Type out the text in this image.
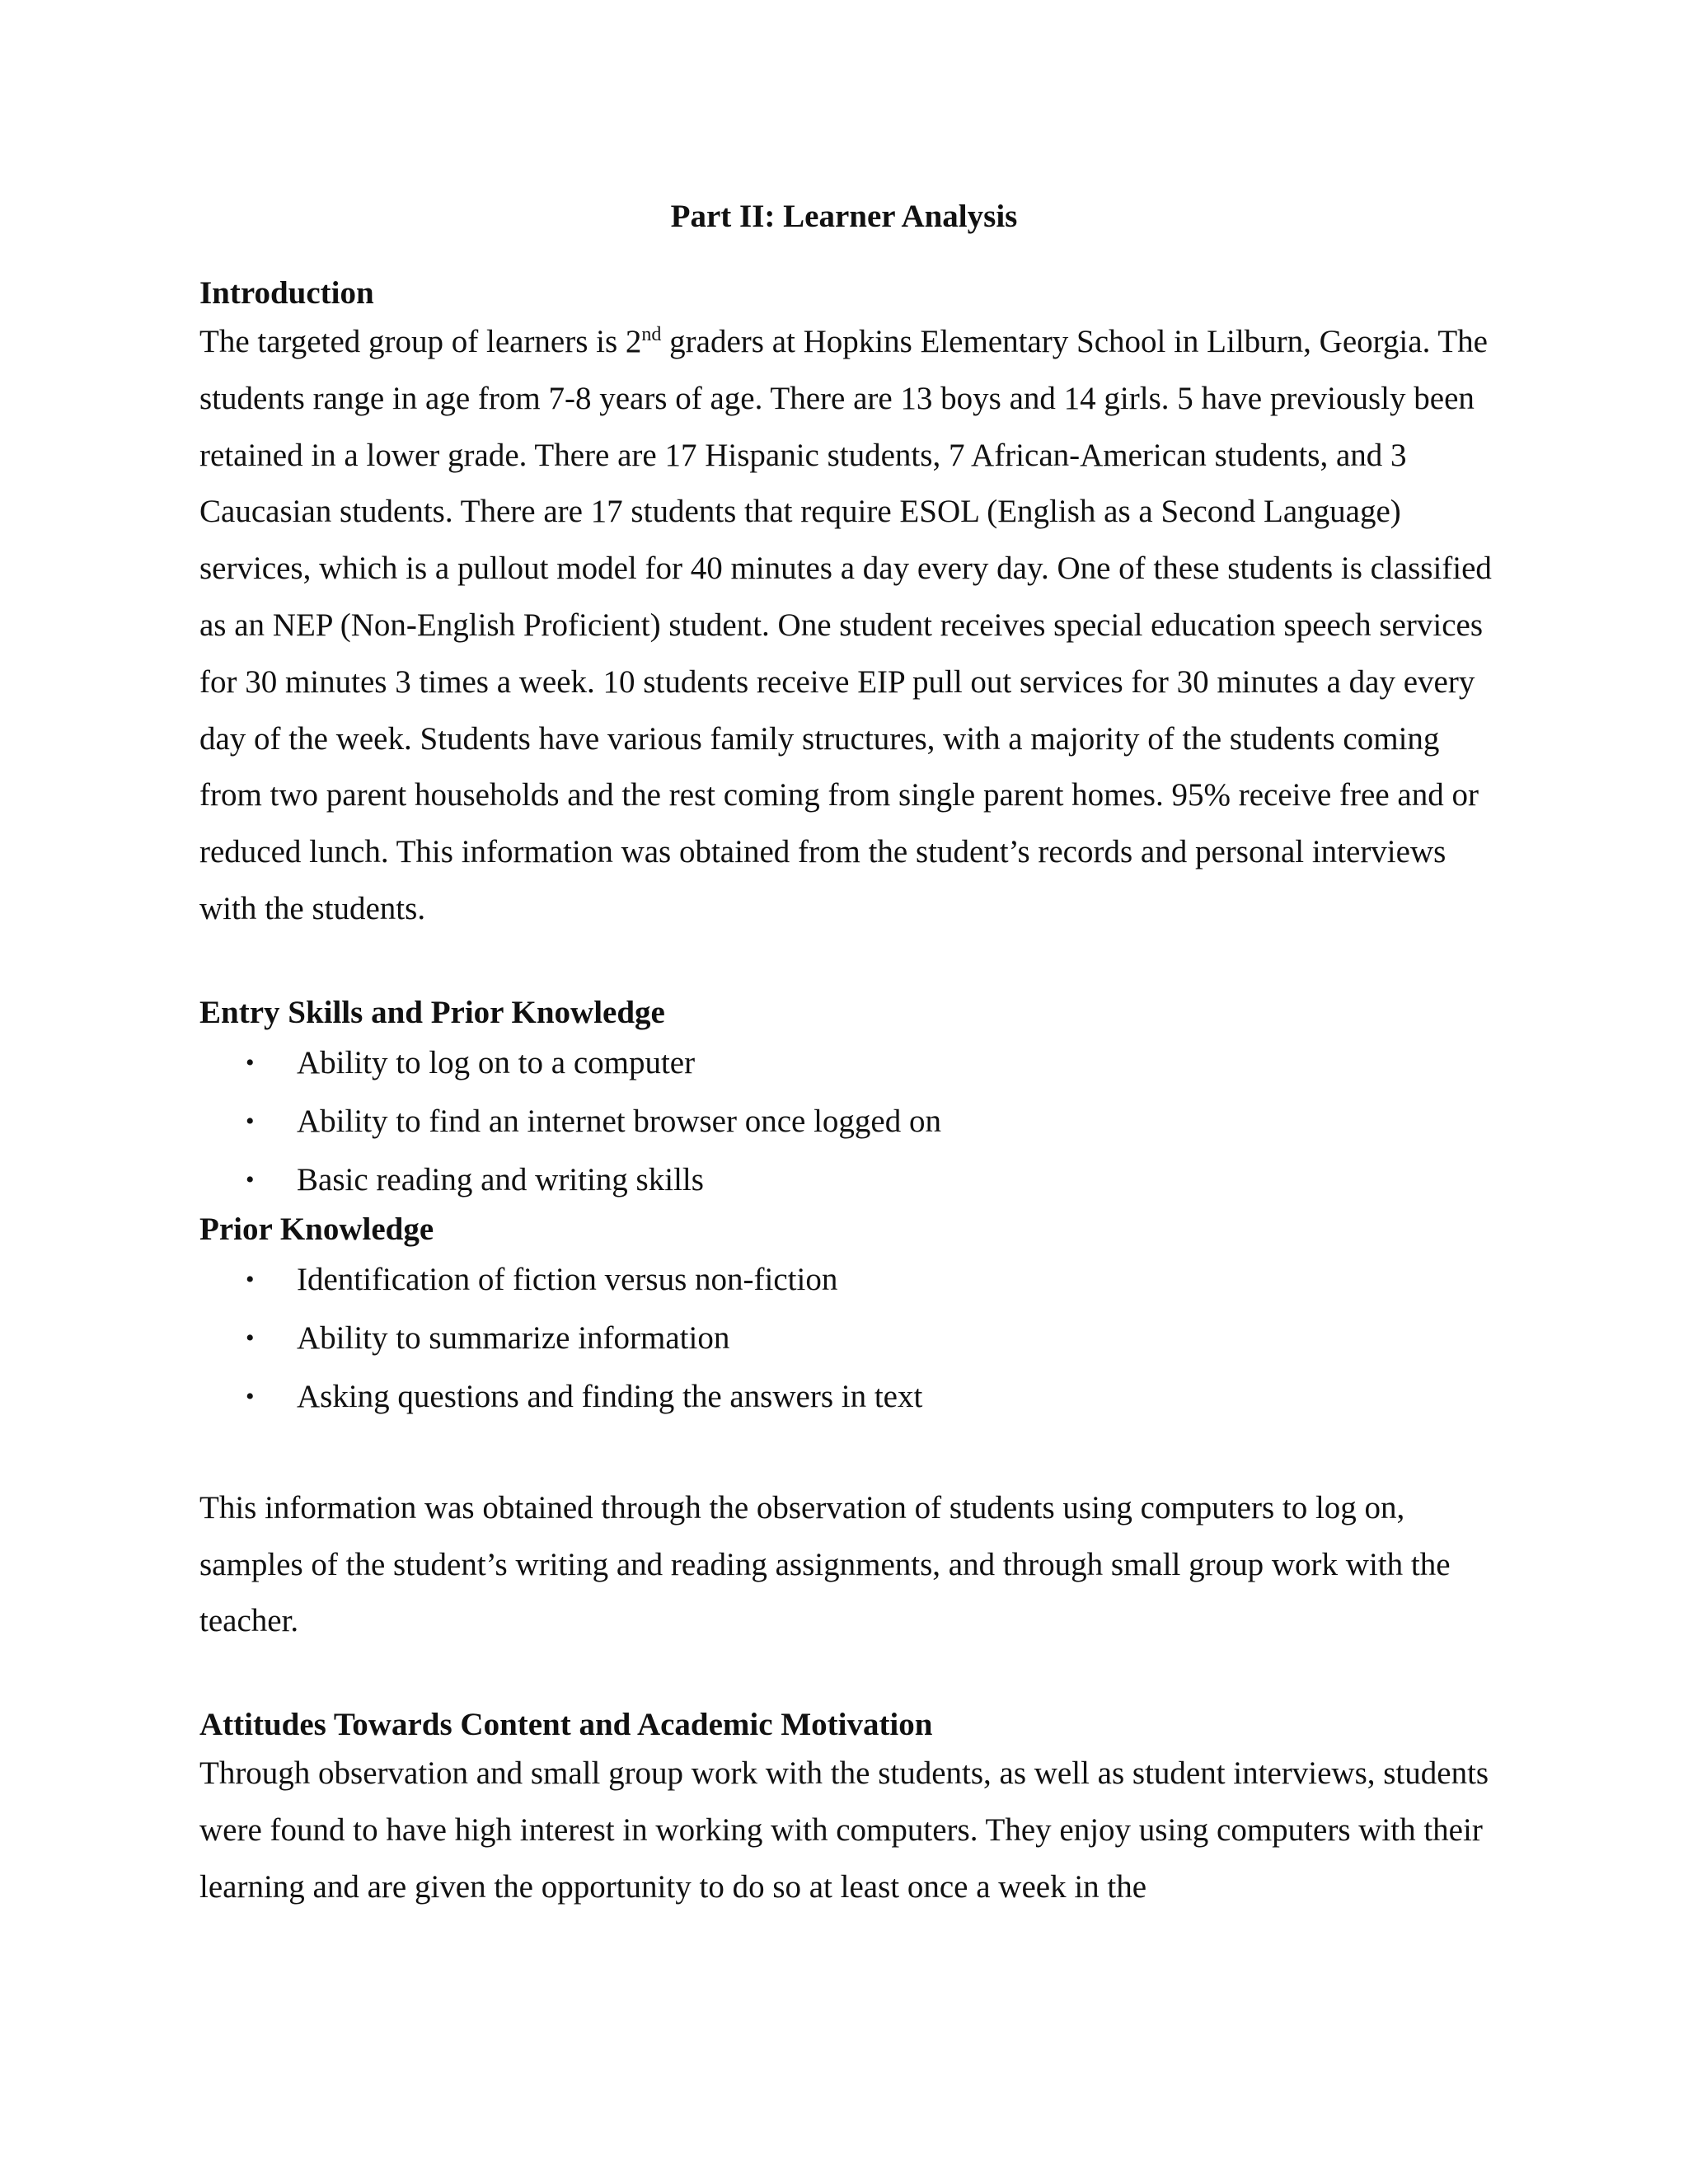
Part II: Learner Analysis
Introduction

The targeted group of learners is 2nd graders at Hopkins Elementary School in Lilburn, Georgia. The students range in age from 7-8 years of age. There are 13 boys and 14 girls. 5 have previously been retained in a lower grade. There are 17 Hispanic students, 7 African-American students, and 3 Caucasian students. There are 17 students that require ESOL (English as a Second Language) services, which is a pullout model for 40 minutes a day every day. One of these students is classified as an NEP (Non-English Proficient) student. One student receives special education speech services for 30 minutes 3 times a week. 10 students receive EIP pull out services for 30 minutes a day every day of the week. Students have various family structures, with a majority of the students coming from two parent households and the rest coming from single parent homes. 95% receive free and or reduced lunch. This information was obtained from the student’s records and personal interviews with the students.

Entry Skills and Prior Knowledge
• Ability to log on to a computer
• Ability to find an internet browser once logged on
• Basic reading and writing skills
Prior Knowledge
• Identification of fiction versus non-fiction
• Ability to summarize information
• Asking questions and finding the answers in text

This information was obtained through the observation of students using computers to log on, samples of the student’s writing and reading assignments, and through small group work with the teacher.

Attitudes Towards Content and Academic Motivation

Through observation and small group work with the students, as well as student interviews, students were found to have high interest in working with computers. They enjoy using computers with their learning and are given the opportunity to do so at least once a week in the
